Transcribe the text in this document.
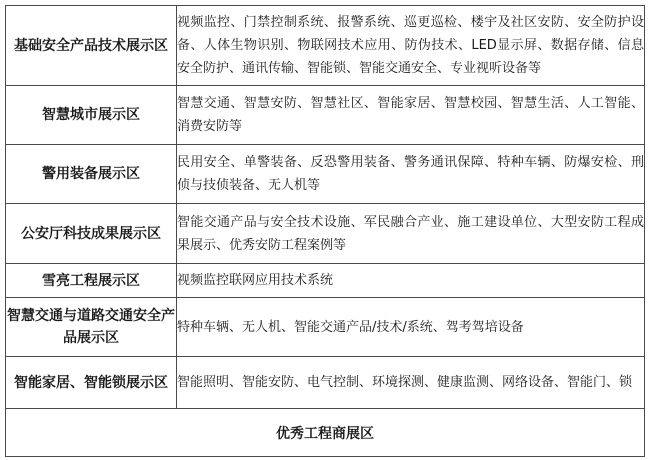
基础安全产品技术展示区	视频监控、门禁控制系统、报警系统、巡更巡检、楼宇及社区安防、安全防护设备、人体生物识别、物联网技术应用、防伪技术、LED显示屏、数据存储、信息安全防护、通讯传输、智能锁、智能交通安全、专业视听设备等
智慧城市展示区	智慧交通、智慧安防、智慧社区、智能家居、智慧校园、智慧生活、人工智能、消费安防等
警用装备展示区	民用安全、单警装备、反恐警用装备、警务通讯保障、特种车辆、防爆安检、刑侦与技侦装备、无人机等
公安厅科技成果展示区	智能交通产品与安全技术设施、军民融合产业、施工建设单位、大型安防工程成果展示、优秀安防工程案例等
雪亮工程展示区	视频监控联网应用技术系统
智慧交通与道路交通安全产品展示区	特种车辆、无人机、智能交通产品/技术/系统、驾考驾培设备
智能家居、智能锁展示区	智能照明、智能安防、电气控制、环境探测、健康监测、网络设备、智能门、锁
优秀工程商展区	
